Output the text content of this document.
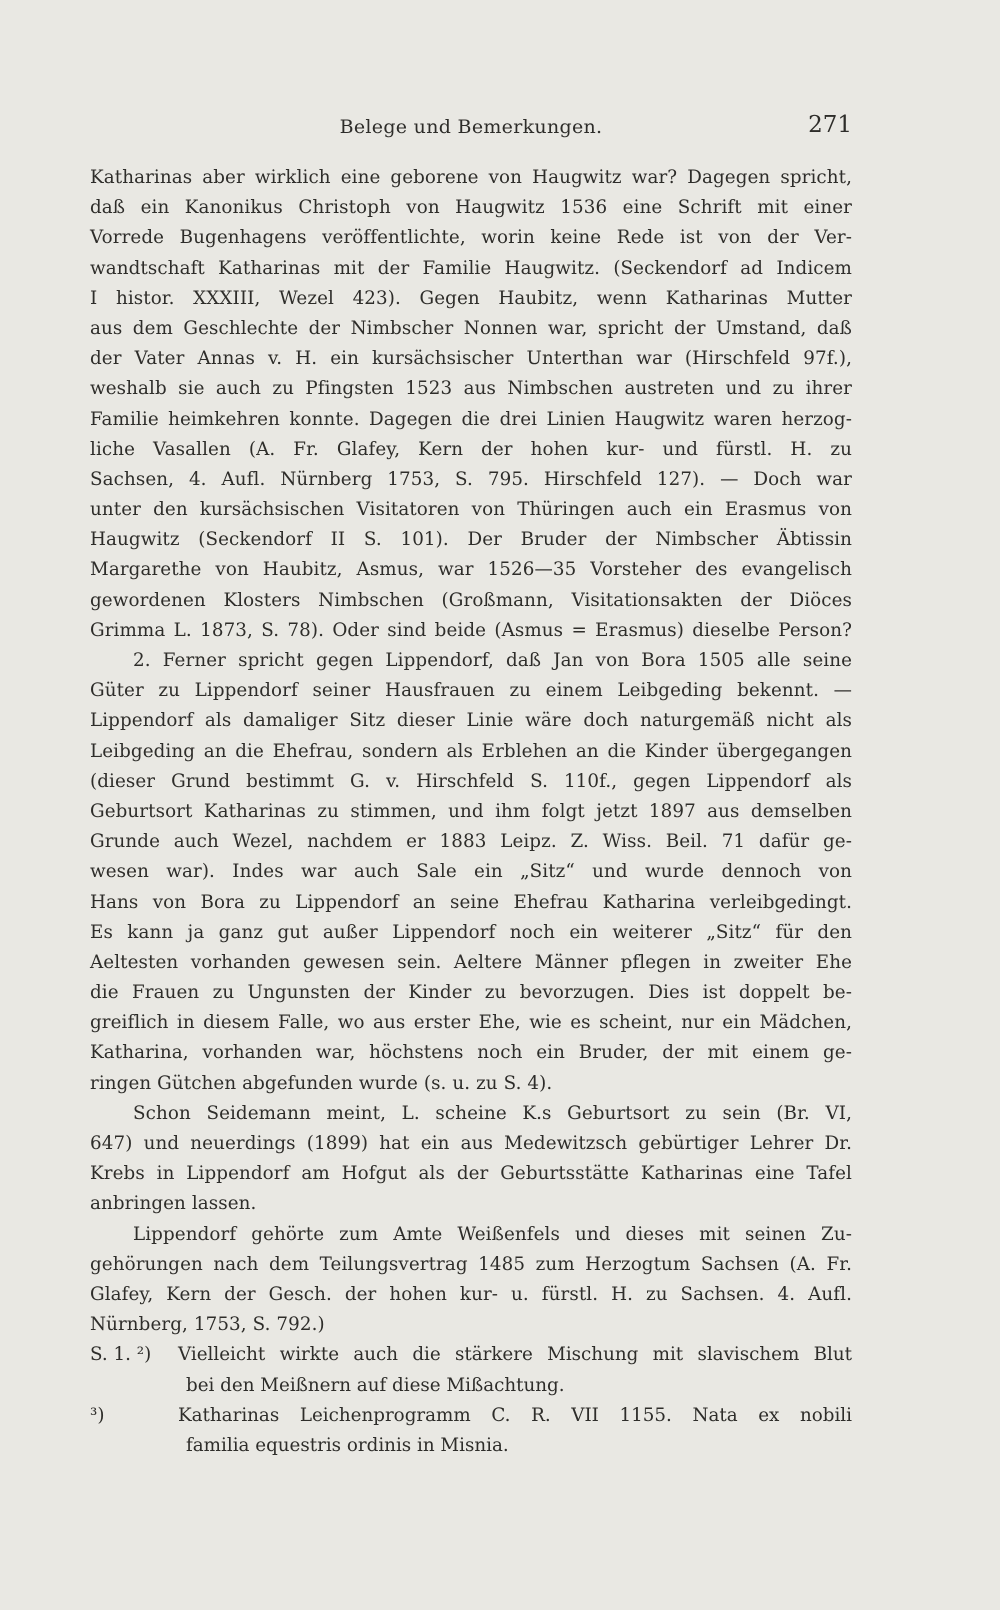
Belege und Bemerkungen.	271
Katharinas aber wirklich eine geborene von Haugwitz war? Dagegen spricht,
daß ein Kanonikus Christoph von Haugwitz 1536 eine Schrift mit einer
Vorrede Bugenhagens veröffentlichte, worin keine Rede ist von der Ver-
wandtschaft Katharinas mit der Familie Haugwitz. (Seckendorf ad Indicem
I histor. XXXIII, Wezel 423). Gegen Haubitz, wenn Katharinas Mutter
aus dem Geschlechte der Nimbscher Nonnen war, spricht der Umstand, daß
der Vater Annas v. H. ein kursächsischer Unterthan war (Hirschfeld 97f.),
weshalb sie auch zu Pfingsten 1523 aus Nimbschen austreten und zu ihrer
Familie heimkehren konnte. Dagegen die drei Linien Haugwitz waren herzog-
liche Vasallen (A. Fr. Glafey, Kern der hohen kur- und fürstl. H. zu
Sachsen, 4. Aufl. Nürnberg 1753, S. 795. Hirschfeld 127). — Doch war
unter den kursächsischen Visitatoren von Thüringen auch ein Erasmus von
Haugwitz (Seckendorf II S. 101). Der Bruder der Nimbscher Äbtissin
Margarethe von Haubitz, Asmus, war 1526—35 Vorsteher des evangelisch
gewordenen Klosters Nimbschen (Großmann, Visitationsakten der Diöces
Grimma L. 1873, S. 78). Oder sind beide (Asmus = Erasmus) dieselbe Person?
2. Ferner spricht gegen Lippendorf, daß Jan von Bora 1505 alle seine
Güter zu Lippendorf seiner Hausfrauen zu einem Leibgeding bekennt. —
Lippendorf als damaliger Sitz dieser Linie wäre doch naturgemäß nicht als
Leibgeding an die Ehefrau, sondern als Erblehen an die Kinder übergegangen
(dieser Grund bestimmt G. v. Hirschfeld S. 110f., gegen Lippendorf als
Geburtsort Katharinas zu stimmen, und ihm folgt jetzt 1897 aus demselben
Grunde auch Wezel, nachdem er 1883 Leipz. Z. Wiss. Beil. 71 dafür ge-
wesen war). Indes war auch Sale ein „Sitz“ und wurde dennoch von
Hans von Bora zu Lippendorf an seine Ehefrau Katharina verleibgedingt.
Es kann ja ganz gut außer Lippendorf noch ein weiterer „Sitz“ für den
Aeltesten vorhanden gewesen sein. Aeltere Männer pflegen in zweiter Ehe
die Frauen zu Ungunsten der Kinder zu bevorzugen. Dies ist doppelt be-
greiflich in diesem Falle, wo aus erster Ehe, wie es scheint, nur ein Mädchen,
Katharina, vorhanden war, höchstens noch ein Bruder, der mit einem ge-
ringen Gütchen abgefunden wurde (s. u. zu S. 4).
Schon Seidemann meint, L. scheine K.s Geburtsort zu sein (Br. VI,
647) und neuerdings (1899) hat ein aus Medewitzsch gebürtiger Lehrer Dr.
Krebs in Lippendorf am Hofgut als der Geburtsstätte Katharinas eine Tafel
anbringen lassen.
Lippendorf gehörte zum Amte Weißenfels und dieses mit seinen Zu-
gehörungen nach dem Teilungsvertrag 1485 zum Herzogtum Sachsen (A. Fr.
Glafey, Kern der Gesch. der hohen kur- u. fürstl. H. zu Sachsen. 4. Aufl.
Nürnberg, 1753, S. 792.)
S. 1. ²) Vielleicht wirkte auch die stärkere Mischung mit slavischem Blut
bei den Meißnern auf diese Mißachtung.
³)	Katharinas Leichenprogramm C. R. VII 1155. Nata ex nobili
familia equestris ordinis in Misnia.
